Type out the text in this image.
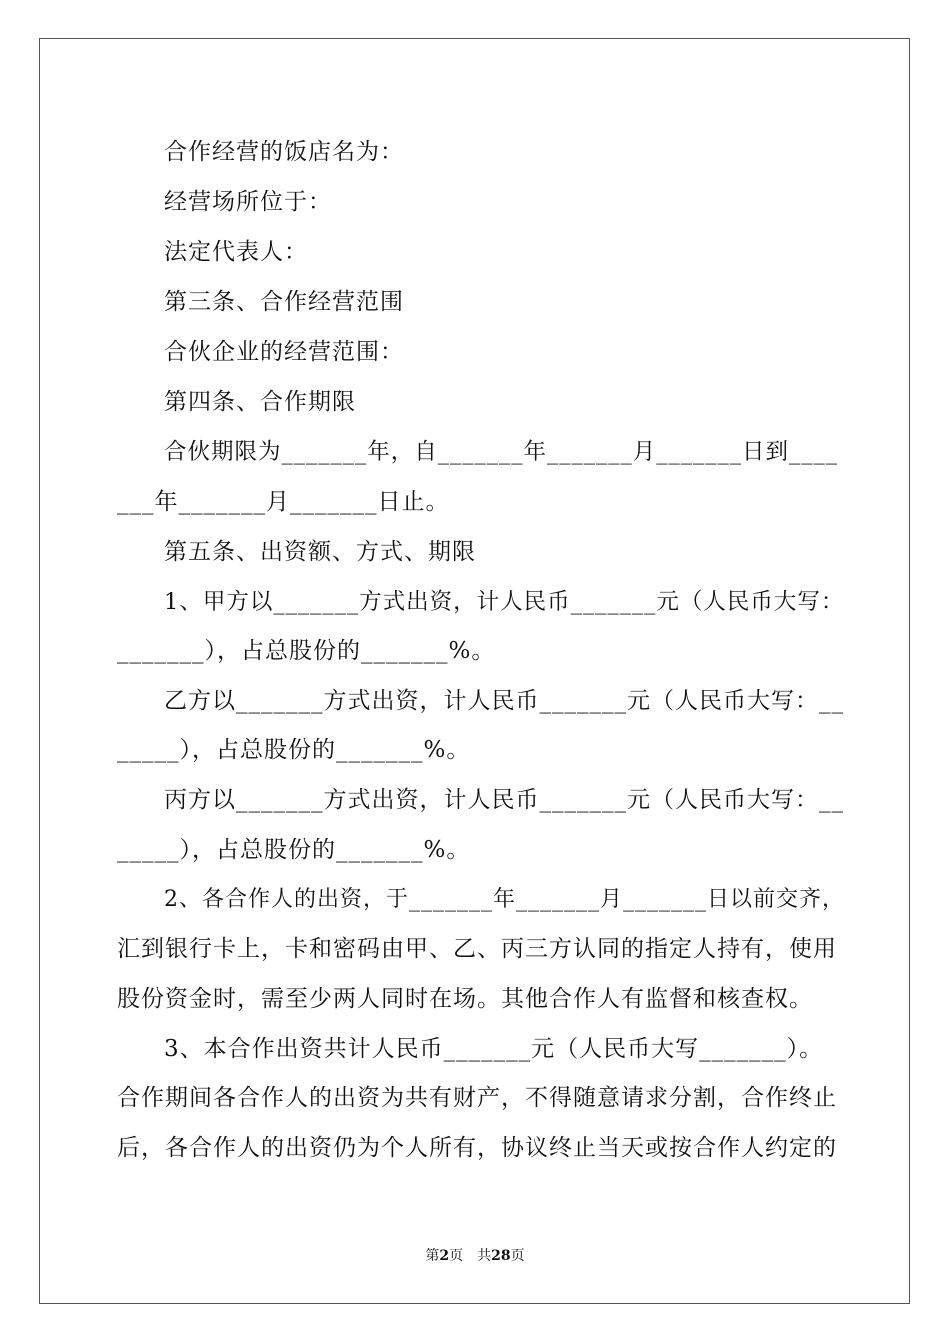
合作经营的饭店名为：

经营场所位于：

法定代表人：

第三条、合作经营范围

合伙企业的经营范围：

第四条、合作期限

合伙期限为_______年，自_______年_______月_______日到____

___年_______月_______日止。

第五条、出资额、方式、期限

1、甲方以_______方式出资，计人民币_______元（人民币大写：

_______），占总股份的_______%。

乙方以_______方式出资，计人民币_______元（人民币大写：__

_____），占总股份的_______%。

丙方以_______方式出资，计人民币_______元（人民币大写：__

_____），占总股份的_______%。

2、各合作人的出资，于_______年_______月_______日以前交齐，

汇到银行卡上，卡和密码由甲、乙、丙三方认同的指定人持有，使用

股份资金时，需至少两人同时在场。其他合作人有监督和核查权。

3、本合作出资共计人民币_______元（人民币大写_______）。

合作期间各合作人的出资为共有财产，不得随意请求分割，合作终止

后，各合作人的出资仍为个人所有，协议终止当天或按合作人约定的

第2页　共28页
